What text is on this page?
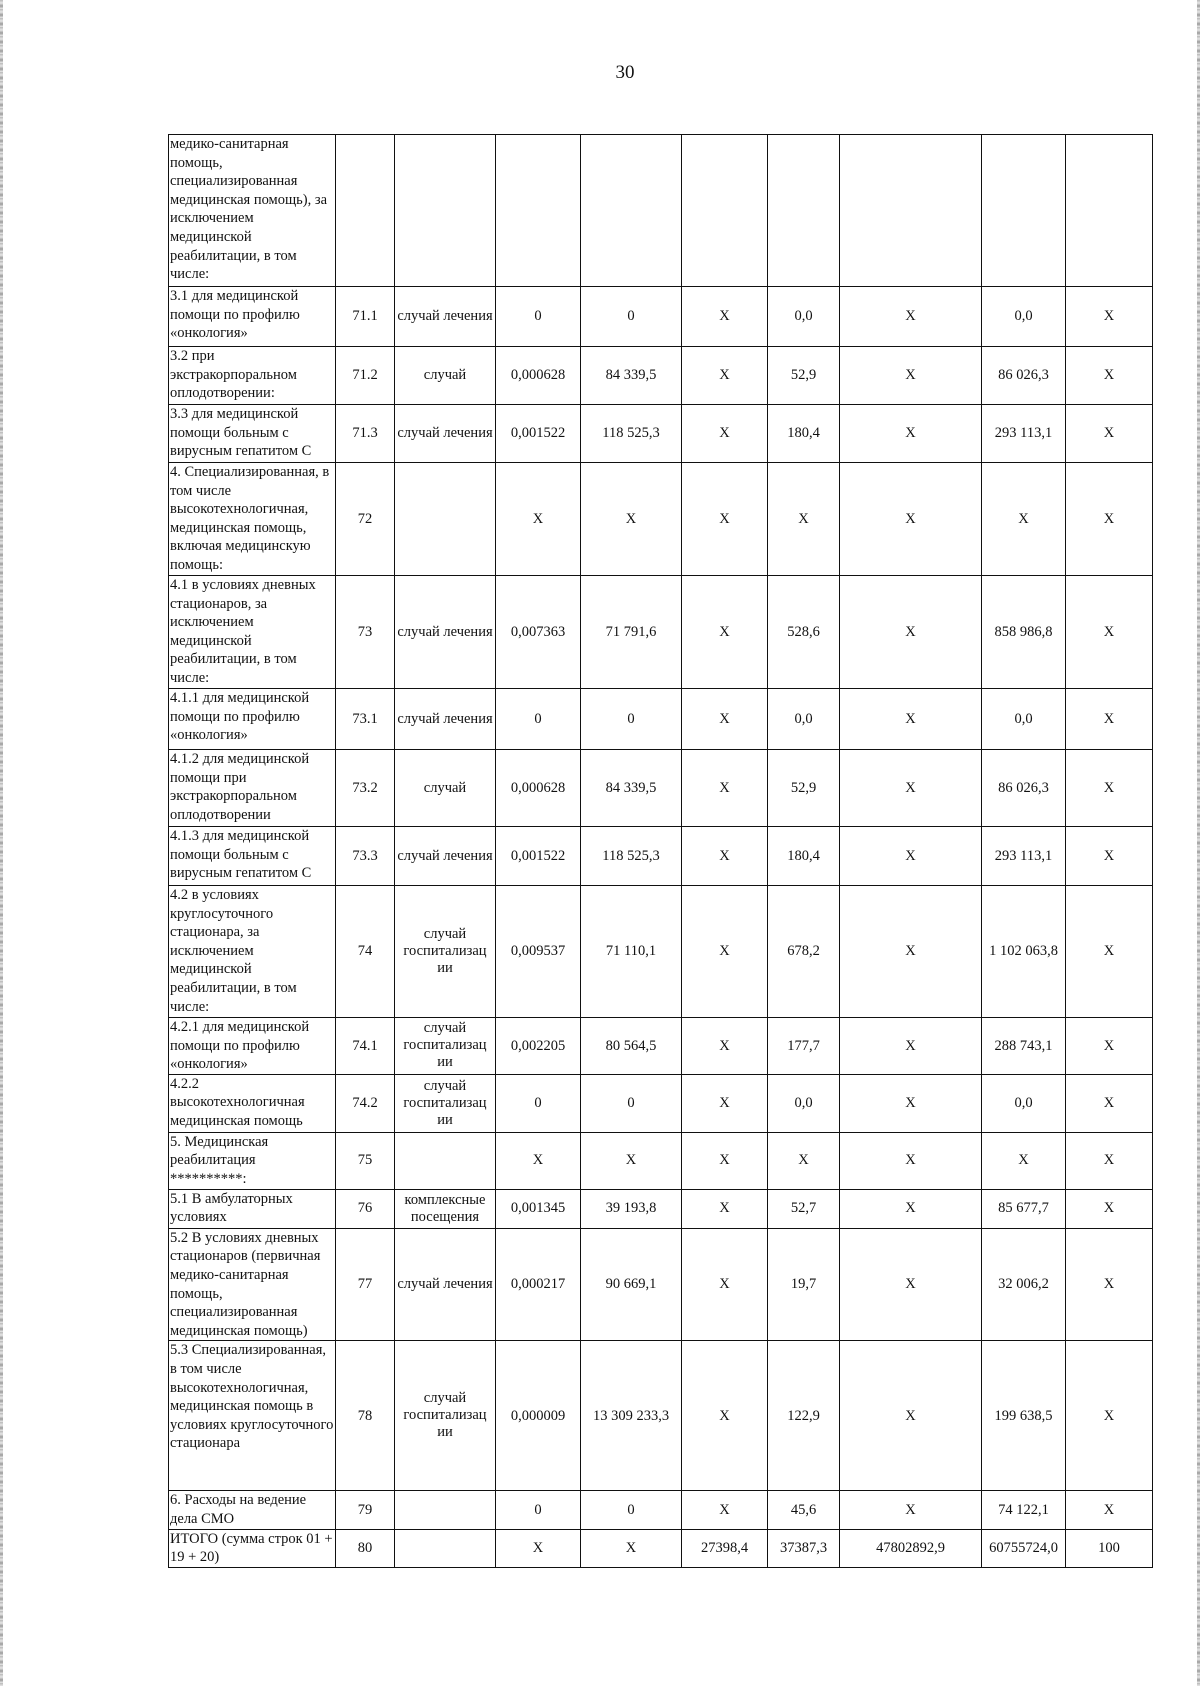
30
медико-санитарная помощь, специализированная медицинская помощь), за исключением медицинской реабилитации, в том числе:									
3.1 для медицинской помощи по профилю «онкология»	71.1	случай лечения	0	0	X	0,0	X	0,0	X
3.2 при экстракорпоральном оплодотворении:	71.2	случай	0,000628	84 339,5	X	52,9	X	86 026,3	X
3.3 для медицинской помощи больным с вирусным гепатитом С	71.3	случай лечения	0,001522	118 525,3	X	180,4	X	293 113,1	X
4. Специализированная, в том числе высокотехнологичная, медицинская помощь, включая медицинскую помощь:	72		X	X	X	X	X	X	X
4.1 в условиях дневных стационаров, за исключением медицинской реабилитации, в том числе:	73	случай лечения	0,007363	71 791,6	X	528,6	X	858 986,8	X
4.1.1 для медицинской помощи по профилю «онкология»	73.1	случай лечения	0	0	X	0,0	X	0,0	X
4.1.2 для медицинской помощи при экстракорпоральном оплодотворении	73.2	случай	0,000628	84 339,5	X	52,9	X	86 026,3	X
4.1.3 для медицинской помощи больным с вирусным гепатитом С	73.3	случай лечения	0,001522	118 525,3	X	180,4	X	293 113,1	X
4.2 в условиях круглосуточного стационара, за исключением медицинской реабилитации, в том числе:	74	случай госпитализац ии	0,009537	71 110,1	X	678,2	X	1 102 063,8	X
4.2.1 для медицинской помощи по профилю «онкология»	74.1	случай госпитализац ии	0,002205	80 564,5	X	177,7	X	288 743,1	X
4.2.2 высокотехнологичная медицинская помощь	74.2	случай госпитализац ии	0	0	X	0,0	X	0,0	X
5. Медицинская реабилитация **********:	75		X	X	X	X	X	X	X
5.1 В амбулаторных условиях	76	комплексные посещения	0,001345	39 193,8	X	52,7	X	85 677,7	X
5.2 В условиях дневных стационаров (первичная медико-санитарная помощь, специализированная медицинская помощь)	77	случай лечения	0,000217	90 669,1	X	19,7	X	32 006,2	X
5.3 Специализированная, в том числе высокотехнологичная, медицинская помощь в условиях круглосуточного стационара	78	случай госпитализац ии	0,000009	13 309 233,3	X	122,9	X	199 638,5	X
6. Расходы на ведение дела СМО	79		0	0	X	45,6	X	74 122,1	X
ИТОГО (сумма строк 01 + 19 + 20)	80		X	X	27398,4	37387,3	47802892,9	60755724,0	100
